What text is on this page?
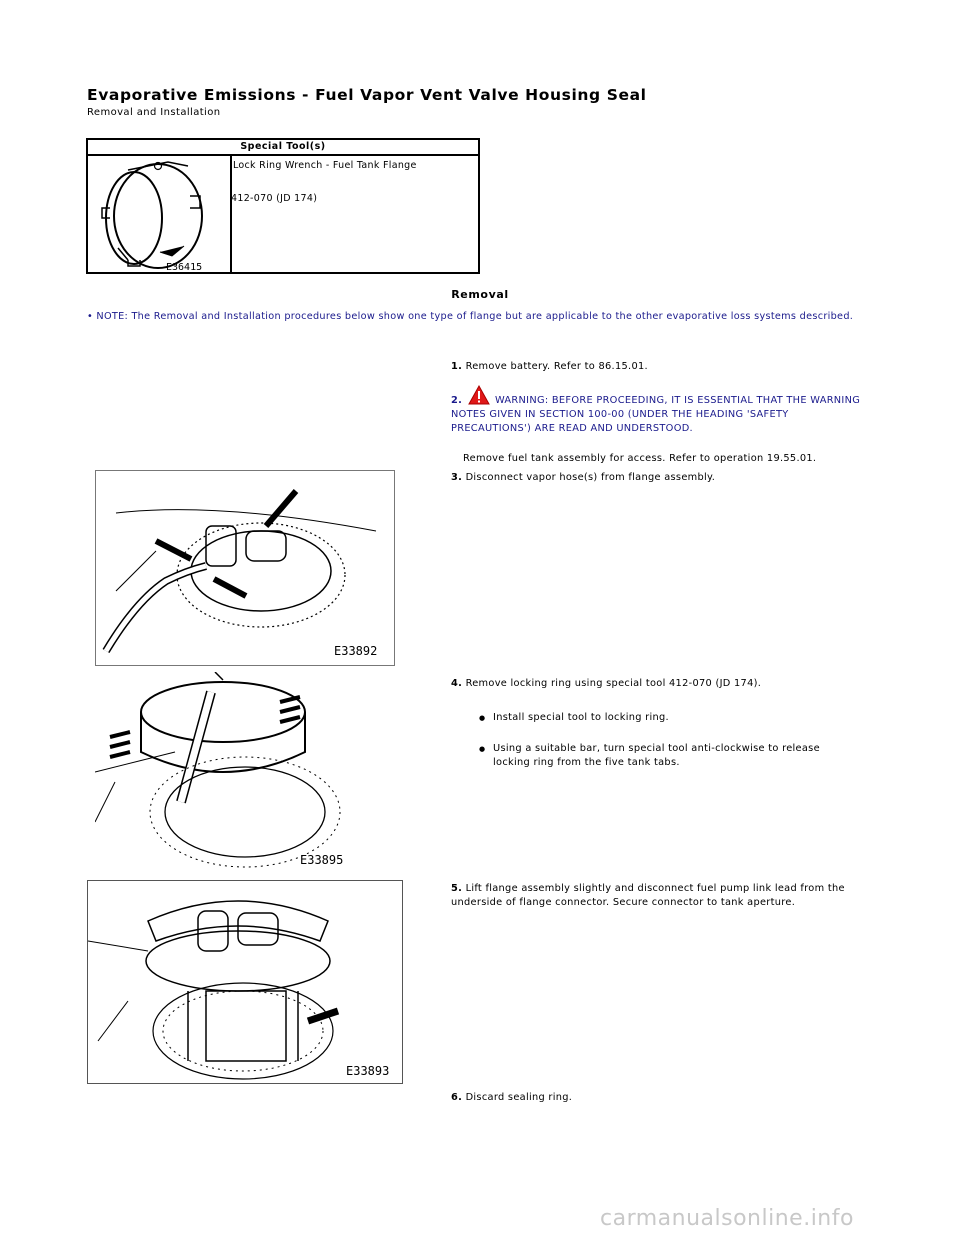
Evaporative Emissions - Fuel Vapor Vent Valve Housing Seal
Removal and Installation
Special Tool(s)
E36415
Lock Ring Wrench - Fuel Tank Flange
412-070 (JD 174)
Removal
• NOTE: The Removal and Installation procedures below show one type of flange but are applicable to the other evaporative loss systems described.
1. Remove battery. Refer to 86.15.01.
2.	WARNING: BEFORE PROCEEDING, IT IS ESSENTIAL THAT THE WARNING NOTES GIVEN IN SECTION 100-00 (UNDER THE HEADING 'SAFETY PRECAUTIONS') ARE READ AND UNDERSTOOD.
Remove fuel tank assembly for access. Refer to operation 19.55.01.
E33892
3. Disconnect vapor hose(s) from flange assembly.
E33895
4. Remove locking ring using special tool 412-070 (JD 174).
● Install special tool to locking ring.
● Using a suitable bar, turn special tool anti-clockwise to release locking ring from the five tank tabs.
E33893
5. Lift flange assembly slightly and disconnect fuel pump link lead from the underside of flange connector. Secure connector to tank aperture.
6. Discard sealing ring.
carmanualsonline.info
